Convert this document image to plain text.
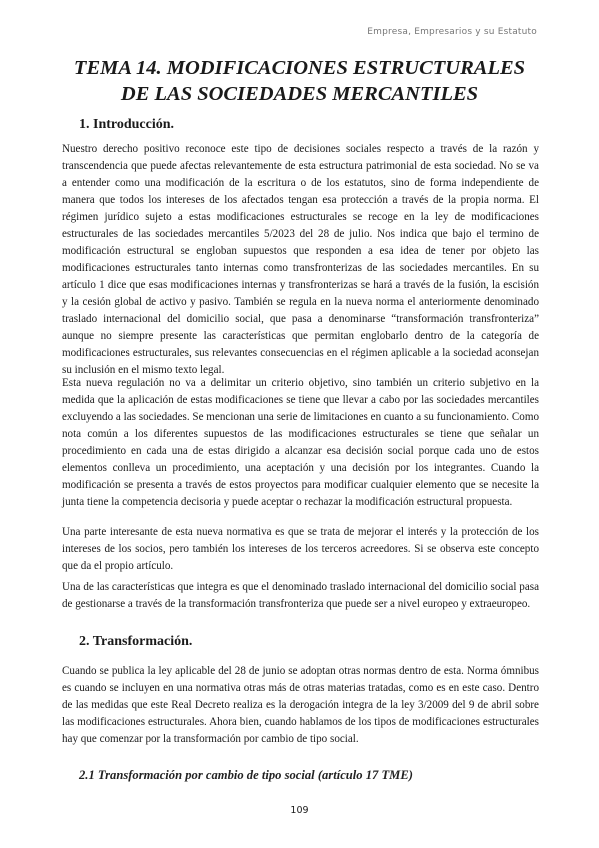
Empresa, Empresarios y su Estatuto
TEMA 14. MODIFICACIONES ESTRUCTURALES
DE LAS SOCIEDADES MERCANTILES
1. Introducción.

Nuestro derecho positivo reconoce este tipo de decisiones sociales respecto a través de la razón y transcendencia que puede afectas relevantemente de esta estructura patrimonial de esta sociedad. No se va a entender como una modificación de la escritura o de los estatutos, sino de forma independiente de manera que todos los intereses de los afectados tengan esa protección a través de la propia norma. El régimen jurídico sujeto a estas modificaciones estructurales se recoge en la ley de modificaciones estructurales de las sociedades mercantiles 5/2023 del 28 de julio. Nos indica que bajo el termino de modificación estructural se engloban supuestos que responden a esa idea de tener por objeto las modificaciones estructurales tanto internas como transfronterizas de las sociedades mercantiles. En su artículo 1 dice que esas modificaciones internas y transfronterizas se hará a través de la fusión, la escisión y la cesión global de activo y pasivo. También se regula en la nueva norma el anteriormente denominado traslado internacional del domicilio social, que pasa a denominarse “transformación transfronteriza” aunque no siempre presente las características que permitan englobarlo dentro de la categoría de modificaciones estructurales, sus relevantes consecuencias en el régimen aplicable a la sociedad aconsejan su inclusión en el mismo texto legal.

Esta nueva regulación no va a delimitar un criterio objetivo, sino también un criterio subjetivo en la medida que la aplicación de estas modificaciones se tiene que llevar a cabo por las sociedades mercantiles excluyendo a las sociedades. Se mencionan una serie de limitaciones en cuanto a su funcionamiento. Como nota común a los diferentes supuestos de las modificaciones estructurales se tiene que señalar un procedimiento en cada una de estas dirigido a alcanzar esa decisión social porque cada uno de estos elementos conlleva un procedimiento, una aceptación y una decisión por los integrantes. Cuando la modificación se presenta a través de estos proyectos para modificar cualquier elemento que se necesite la junta tiene la competencia decisoria y puede aceptar o rechazar la modificación estructural propuesta.

Una parte interesante de esta nueva normativa es que se trata de mejorar el interés y la protección de los intereses de los socios, pero también los intereses de los terceros acreedores. Si se observa este concepto que da el propio artículo.

Una de las características que integra es que el denominado traslado internacional del domicilio social pasa de gestionarse a través de la transformación transfronteriza que puede ser a nivel europeo y extraeuropeo.

2. Transformación.

Cuando se publica la ley aplicable del 28 de junio se adoptan otras normas dentro de esta. Norma ómnibus es cuando se incluyen en una normativa otras más de otras materias tratadas, como es en este caso. Dentro de las medidas que este Real Decreto realiza es la derogación integra de la ley 3/2009 del 9 de abril sobre las modificaciones estructurales. Ahora bien, cuando hablamos de los tipos de modificaciones estructurales hay que comenzar por la transformación por cambio de tipo social.

2.1 Transformación por cambio de tipo social (artículo 17 TME)
109
